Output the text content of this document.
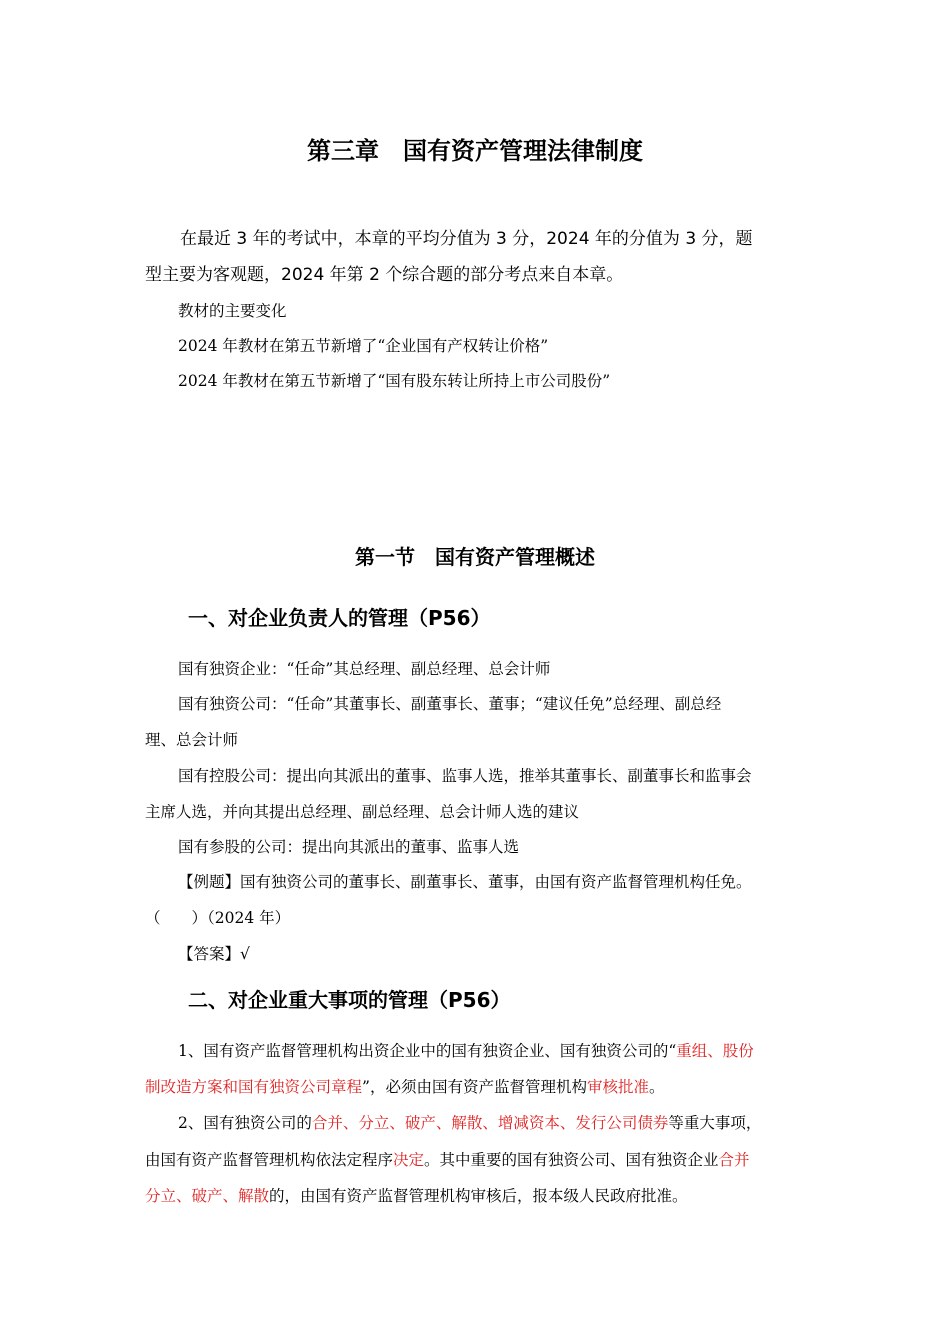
第三章　国有资产管理法律制度
在最近 3 年的考试中，本章的平均分值为 3 分，2024 年的分值为 3 分，题
型主要为客观题，2024 年第 2 个综合题的部分考点来自本章。
教材的主要变化
2024 年教材在第五节新增了“企业国有产权转让价格”
2024 年教材在第五节新增了“国有股东转让所持上市公司股份”
第一节　国有资产管理概述
一、对企业负责人的管理（P56）
国有独资企业：“任命”其总经理、副总经理、总会计师
国有独资公司：“任命”其董事长、副董事长、董事；“建议任免”总经理、副总经
理、总会计师
国有控股公司：提出向其派出的董事、监事人选，推举其董事长、副董事长和监事会
主席人选，并向其提出总经理、副总经理、总会计师人选的建议
国有参股的公司：提出向其派出的董事、监事人选
【例题】国有独资公司的董事长、副董事长、董事，由国有资产监督管理机构任免。
（　　）（2024 年）
【答案】√
二、对企业重大事项的管理（P56）
1、国有资产监督管理机构出资企业中的国有独资企业、国有独资公司的“重组、股份
制改造方案和国有独资公司章程”，必须由国有资产监督管理机构审核批准。
2、国有独资公司的合并、分立、破产、解散、增减资本、发行公司债券等重大事项，
由国有资产监督管理机构依法定程序决定。其中重要的国有独资公司、国有独资企业合并
分立、破产、解散的，由国有资产监督管理机构审核后，报本级人民政府批准。
